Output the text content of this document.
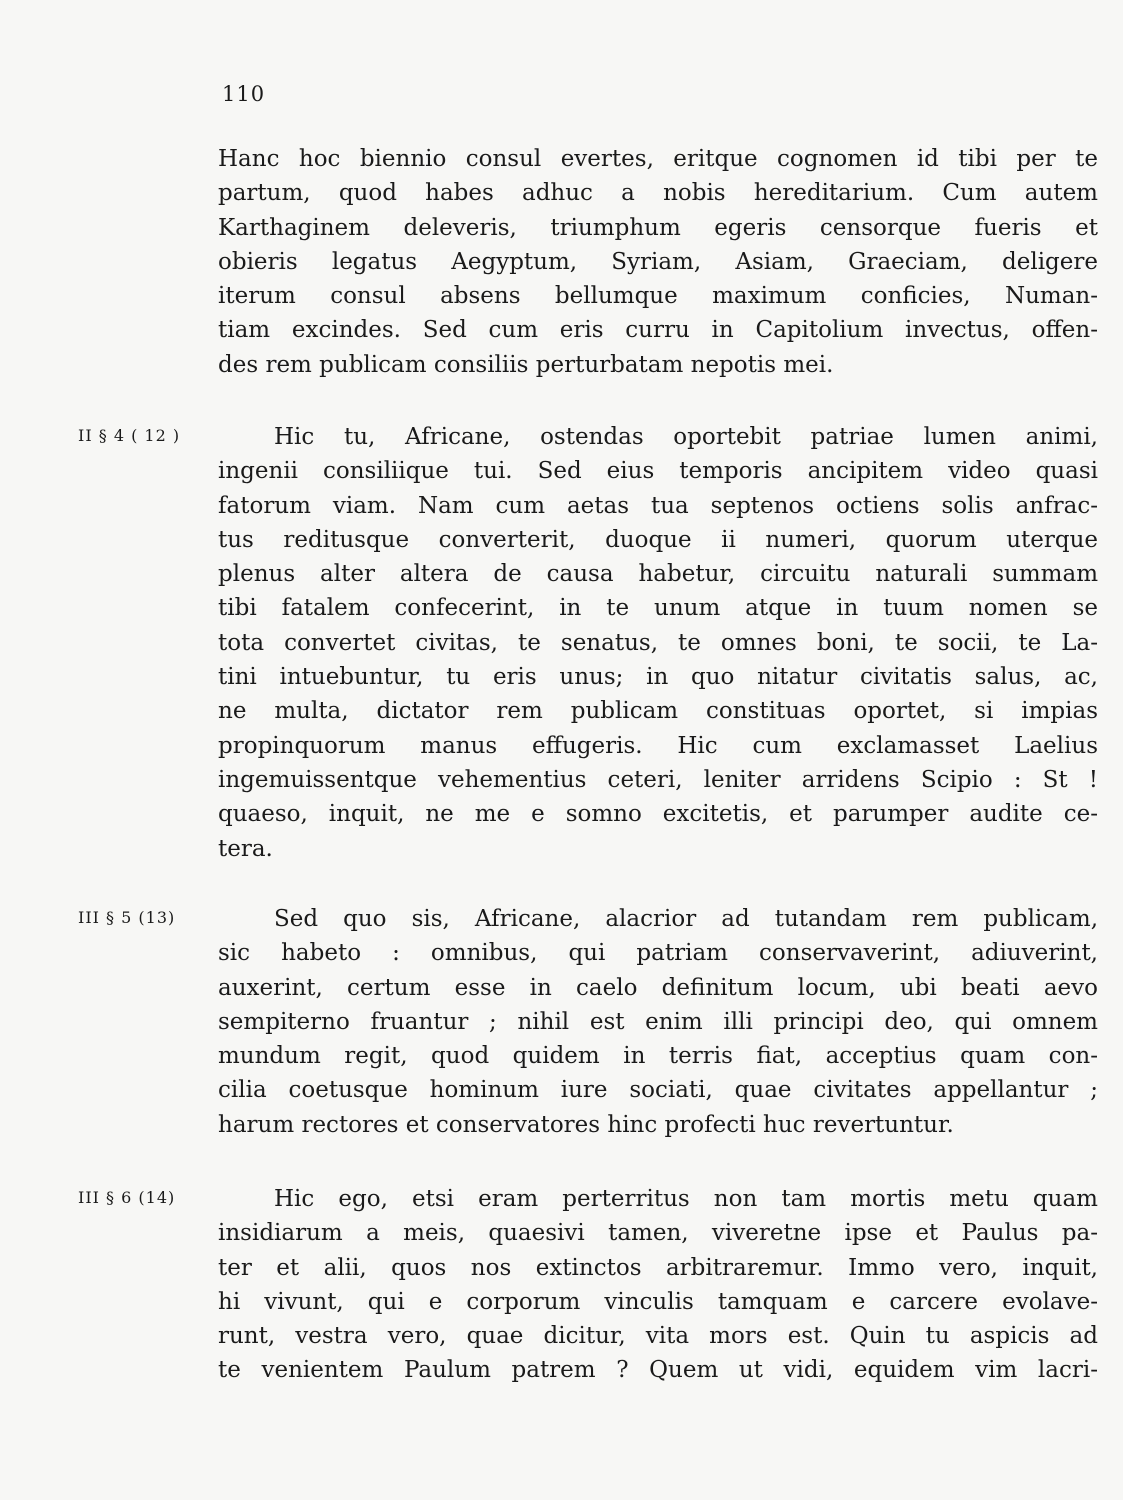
110
Hanc hoc biennio consul evertes, eritque cognomen id tibi per te
partum, quod habes adhuc a nobis hereditarium. Cum autem
Karthaginem deleveris, triumphum egeris censorque fueris et
obieris legatus Aegyptum, Syriam, Asiam, Graeciam, deligere
iterum consul absens bellumque maximum conficies, Numan-
tiam excindes. Sed cum eris curru in Capitolium invectus, offen-
des rem publicam consiliis perturbatam nepotis mei.
II § 4 ( 12 )	Hic tu, Africane, ostendas oportebit patriae lumen animi,
ingenii consiliique tui. Sed eius temporis ancipitem video quasi
fatorum viam. Nam cum aetas tua septenos octiens solis anfrac-
tus reditusque converterit, duoque ii numeri, quorum uterque
plenus alter altera de causa habetur, circuitu naturali summam
tibi fatalem confecerint, in te unum atque in tuum nomen se
tota convertet civitas, te senatus, te omnes boni, te socii, te La-
tini intuebuntur, tu eris unus; in quo nitatur civitatis salus, ac,
ne multa, dictator rem publicam constituas oportet, si impias
propinquorum manus effugeris. Hic cum exclamasset Laelius
ingemuissentque vehementius ceteri, leniter arridens Scipio : St !
quaeso, inquit, ne me e somno excitetis, et parumper audite ce-
tera.
III § 5 (13)	Sed quo sis, Africane, alacrior ad tutandam rem publicam,
sic habeto : omnibus, qui patriam conservaverint, adiuverint,
auxerint, certum esse in caelo definitum locum, ubi beati aevo
sempiterno fruantur ; nihil est enim illi principi deo, qui omnem
mundum regit, quod quidem in terris fiat, acceptius quam con-
cilia coetusque hominum iure sociati, quae civitates appellantur ;
harum rectores et conservatores hinc profecti huc revertuntur.
III § 6 (14)	Hic ego, etsi eram perterritus non tam mortis metu quam
insidiarum a meis, quaesivi tamen, viveretne ipse et Paulus pa-
ter et alii, quos nos extinctos arbitraremur. Immo vero, inquit,
hi vivunt, qui e corporum vinculis tamquam e carcere evolave-
runt, vestra vero, quae dicitur, vita mors est. Quin tu aspicis ad
te venientem Paulum patrem ? Quem ut vidi, equidem vim lacri-
